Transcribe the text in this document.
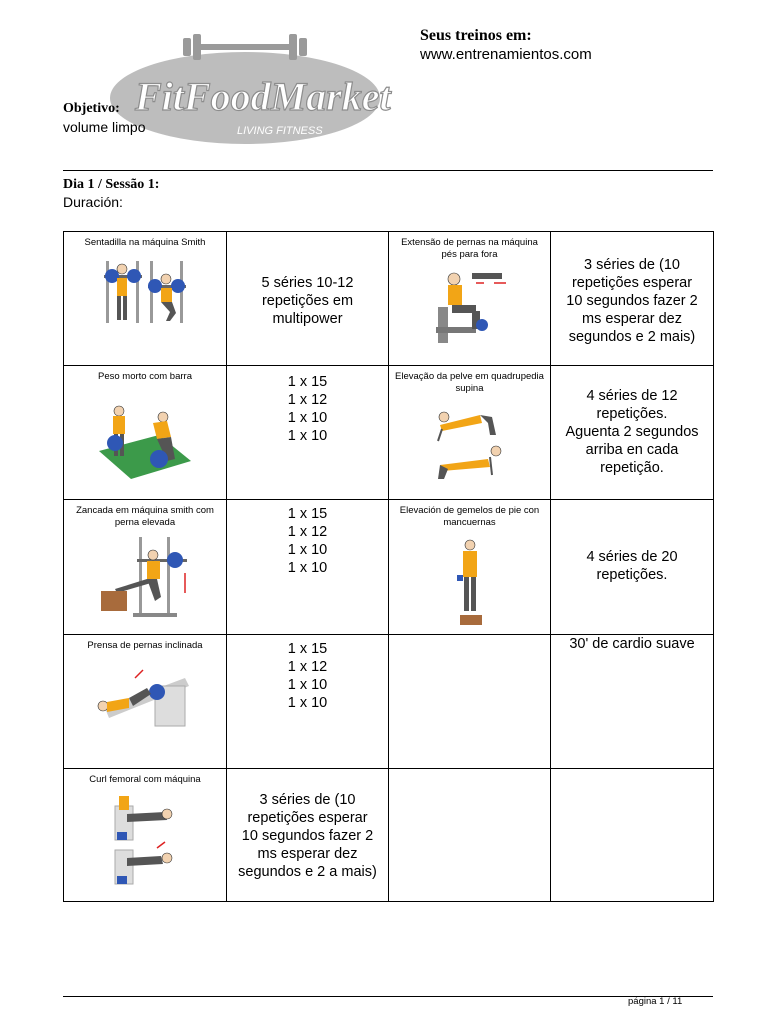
FitFoodMarket
LIVING FITNESS
Seus treinos em:
www.entrenamientos.com
Objetivo:
volume limpo
Dia 1 / Sessão 1:
Duración:
Sentadilla na máquina Smith	5 séries 10-12
repetições em
multipower	Extensão de pernas na máquina pés para fora	3 séries de (10
repetições esperar
10 segundos fazer 2
ms esperar dez
segundos e 2 mais)

Peso morto com barra	1 x 15
1 x 12
1 x 10
1 x 10	Elevação da pelve em quadrupedia supina	4 séries de 12
repetições.
Aguenta 2 segundos
arriba en cada
repetição.

Zancada em máquina smith com perna elevada	1 x 15
1 x 12
1 x 10
1 x 10	Elevación de gemelos de pie con mancuernas	4 séries de 20
repetições.

Prensa de pernas inclinada	1 x 15
1 x 12
1 x 10
1 x 10		30' de cardio suave

Curl femoral com máquina	3 séries de (10
repetições esperar
10 segundos fazer 2
ms esperar dez
segundos e 2 a mais)		

página 1 / 11
